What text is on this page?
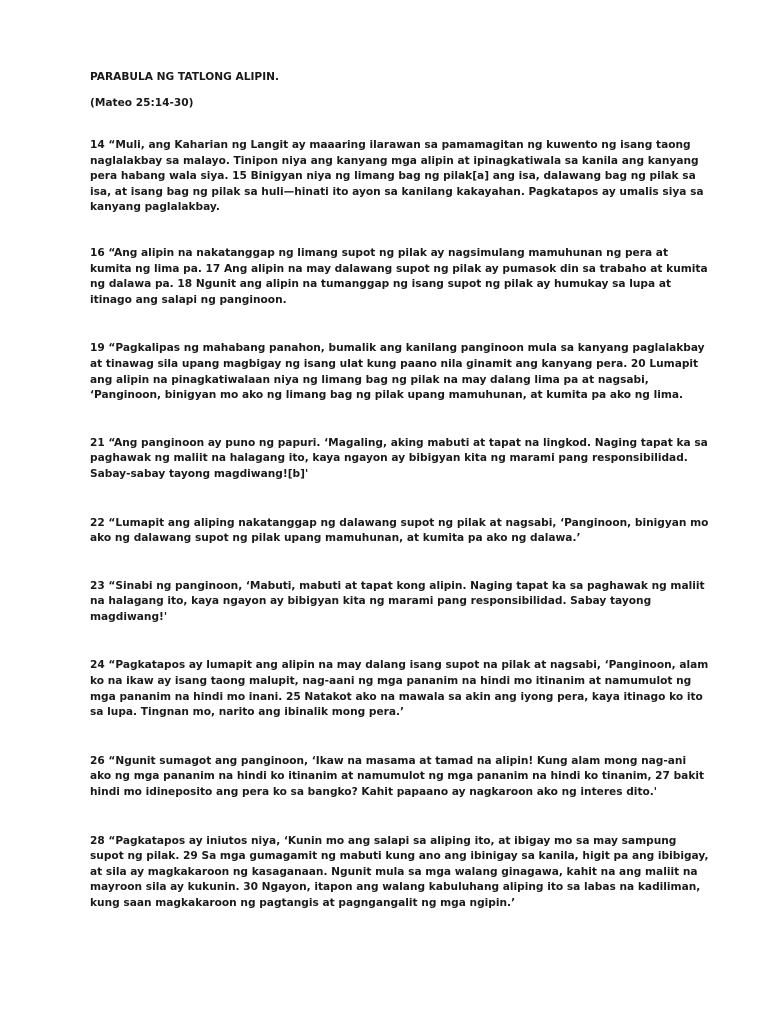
PARABULA NG TATLONG ALIPIN.

(Mateo 25:14-30)

14 “Muli, ang Kaharian ng Langit ay maaaring ilarawan sa pamamagitan ng kuwento ng isang taong
naglalakbay sa malayo. Tinipon niya ang kanyang mga alipin at ipinagkatiwala sa kanila ang kanyang
pera habang wala siya. 15 Binigyan niya ng limang bag ng pilak[a] ang isa, dalawang bag ng pilak sa
isa, at isang bag ng pilak sa huli—hinati ito ayon sa kanilang kakayahan. Pagkatapos ay umalis siya sa
kanyang paglalakbay.

16 “Ang alipin na nakatanggap ng limang supot ng pilak ay nagsimulang mamuhunan ng pera at
kumita ng lima pa. 17 Ang alipin na may dalawang supot ng pilak ay pumasok din sa trabaho at kumita
ng dalawa pa. 18 Ngunit ang alipin na tumanggap ng isang supot ng pilak ay humukay sa lupa at
itinago ang salapi ng panginoon.

19 “Pagkalipas ng mahabang panahon, bumalik ang kanilang panginoon mula sa kanyang paglalakbay
at tinawag sila upang magbigay ng isang ulat kung paano nila ginamit ang kanyang pera. 20 Lumapit
ang alipin na pinagkatiwalaan niya ng limang bag ng pilak na may dalang lima pa at nagsabi,
‘Panginoon, binigyan mo ako ng limang bag ng pilak upang mamuhunan, at kumita pa ako ng lima.

21 “Ang panginoon ay puno ng papuri. ‘Magaling, aking mabuti at tapat na lingkod. Naging tapat ka sa
paghawak ng maliit na halagang ito, kaya ngayon ay bibigyan kita ng marami pang responsibilidad.
Sabay-sabay tayong magdiwang![b]'

22 “Lumapit ang aliping nakatanggap ng dalawang supot ng pilak at nagsabi, ‘Panginoon, binigyan mo
ako ng dalawang supot ng pilak upang mamuhunan, at kumita pa ako ng dalawa.’

23 “Sinabi ng panginoon, ‘Mabuti, mabuti at tapat kong alipin. Naging tapat ka sa paghawak ng maliit
na halagang ito, kaya ngayon ay bibigyan kita ng marami pang responsibilidad. Sabay tayong
magdiwang!'

24 “Pagkatapos ay lumapit ang alipin na may dalang isang supot na pilak at nagsabi, ‘Panginoon, alam
ko na ikaw ay isang taong malupit, nag-aani ng mga pananim na hindi mo itinanim at namumulot ng
mga pananim na hindi mo inani. 25 Natakot ako na mawala sa akin ang iyong pera, kaya itinago ko ito
sa lupa. Tingnan mo, narito ang ibinalik mong pera.’

26 “Ngunit sumagot ang panginoon, ‘Ikaw na masama at tamad na alipin! Kung alam mong nag-ani
ako ng mga pananim na hindi ko itinanim at namumulot ng mga pananim na hindi ko tinanim, 27 bakit
hindi mo idineposito ang pera ko sa bangko? Kahit papaano ay nagkaroon ako ng interes dito.'

28 “Pagkatapos ay iniutos niya, ‘Kunin mo ang salapi sa aliping ito, at ibigay mo sa may sampung
supot ng pilak. 29 Sa mga gumagamit ng mabuti kung ano ang ibinigay sa kanila, higit pa ang ibibigay,
at sila ay magkakaroon ng kasaganaan. Ngunit mula sa mga walang ginagawa, kahit na ang maliit na
mayroon sila ay kukunin. 30 Ngayon, itapon ang walang kabuluhang aliping ito sa labas na kadiliman,
kung saan magkakaroon ng pagtangis at pagngangalit ng mga ngipin.’
